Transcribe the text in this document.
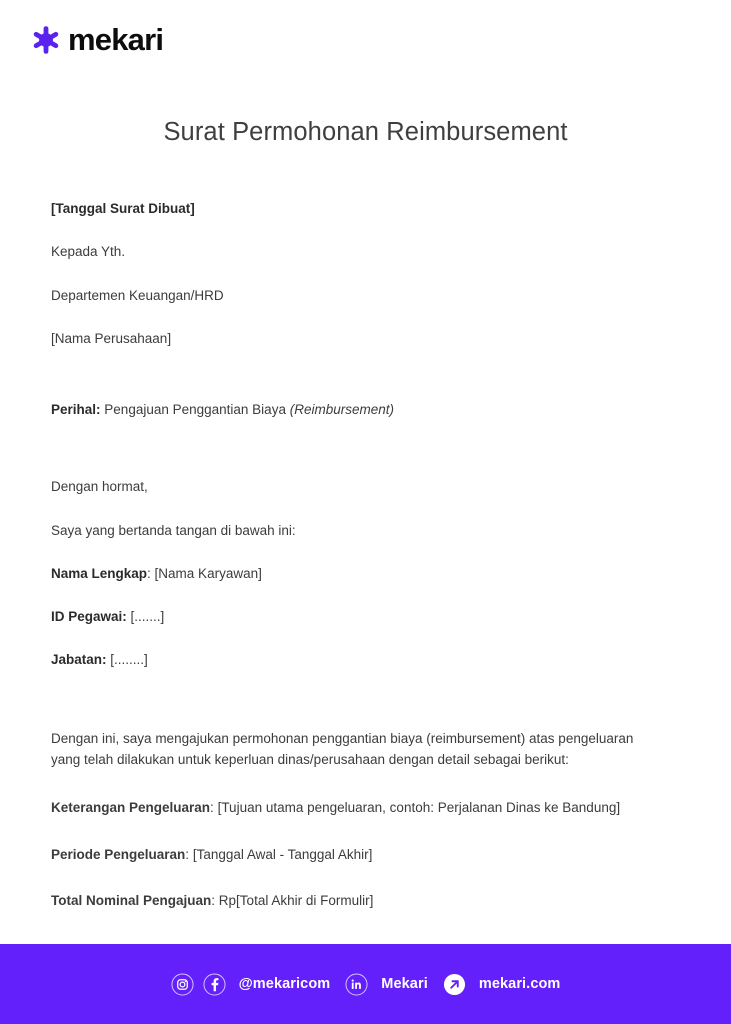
mekari
Surat Permohonan Reimbursement

[Tanggal Surat Dibuat]

Kepada Yth.

Departemen Keuangan/HRD

[Nama Perusahaan]

Perihal: Pengajuan Penggantian Biaya (Reimbursement)

Dengan hormat,

Saya yang bertanda tangan di bawah ini:

Nama Lengkap: [Nama Karyawan]

ID Pegawai: [.......]

Jabatan: [........]

Dengan ini, saya mengajukan permohonan penggantian biaya (reimbursement) atas pengeluaran yang telah dilakukan untuk keperluan dinas/perusahaan dengan detail sebagai berikut:

Keterangan Pengeluaran: [Tujuan utama pengeluaran, contoh: Perjalanan Dinas ke Bandung]

Periode Pengeluaran: [Tanggal Awal - Tanggal Akhir]

Total Nominal Pengajuan: Rp[Total Akhir di Formulir]

@mekaricom	Mekari	mekari.com
